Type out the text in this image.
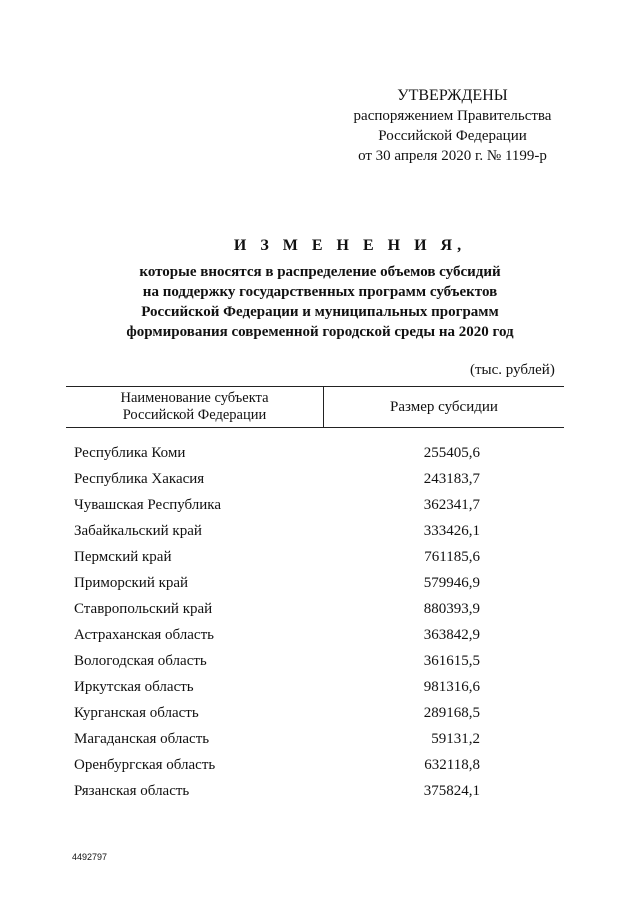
УТВЕРЖДЕНЫ
распоряжением Правительства
Российской Федерации
от 30 апреля 2020 г. № 1199-р
И З М Е Н Е Н И Я,
которые вносятся в распределение объемов субсидий
на поддержку государственных программ субъектов
Российской Федерации и муниципальных программ
формирования современной городской среды на 2020 год
(тыс. рублей)
Наименование субъекта
Российской Федерации	Размер субсидии
Республика Коми	255405,6
Республика Хакасия	243183,7
Чувашская Республика	362341,7
Забайкальский край	333426,1
Пермский край	761185,6
Приморский край	579946,9
Ставропольский край	880393,9
Астраханская область	363842,9
Вологодская область	361615,5
Иркутская область	981316,6
Курганская область	289168,5
Магаданская область	59131,2
Оренбургская область	632118,8
Рязанская область	375824,1
4492797
